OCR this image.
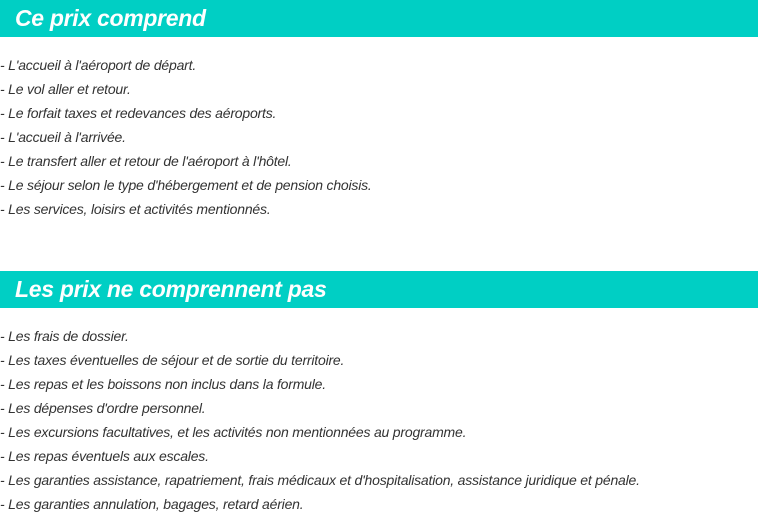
Ce prix comprend
- L'accueil à l'aéroport de départ.
- Le vol aller et retour.
- Le forfait taxes et redevances des aéroports.
- L'accueil à l'arrivée.
- Le transfert aller et retour de l'aéroport à l'hôtel.
- Le séjour selon le type d'hébergement et de pension choisis.
- Les services, loisirs et activités mentionnés.
Les prix ne comprennent pas
- Les frais de dossier.
- Les taxes éventuelles de séjour et de sortie du territoire.
- Les repas et les boissons non inclus dans la formule.
- Les dépenses d'ordre personnel.
- Les excursions facultatives, et les activités non mentionnées au programme.
- Les repas éventuels aux escales.
- Les garanties assistance, rapatriement, frais médicaux et d'hospitalisation, assistance juridique et pénale.
- Les garanties annulation, bagages, retard aérien.
